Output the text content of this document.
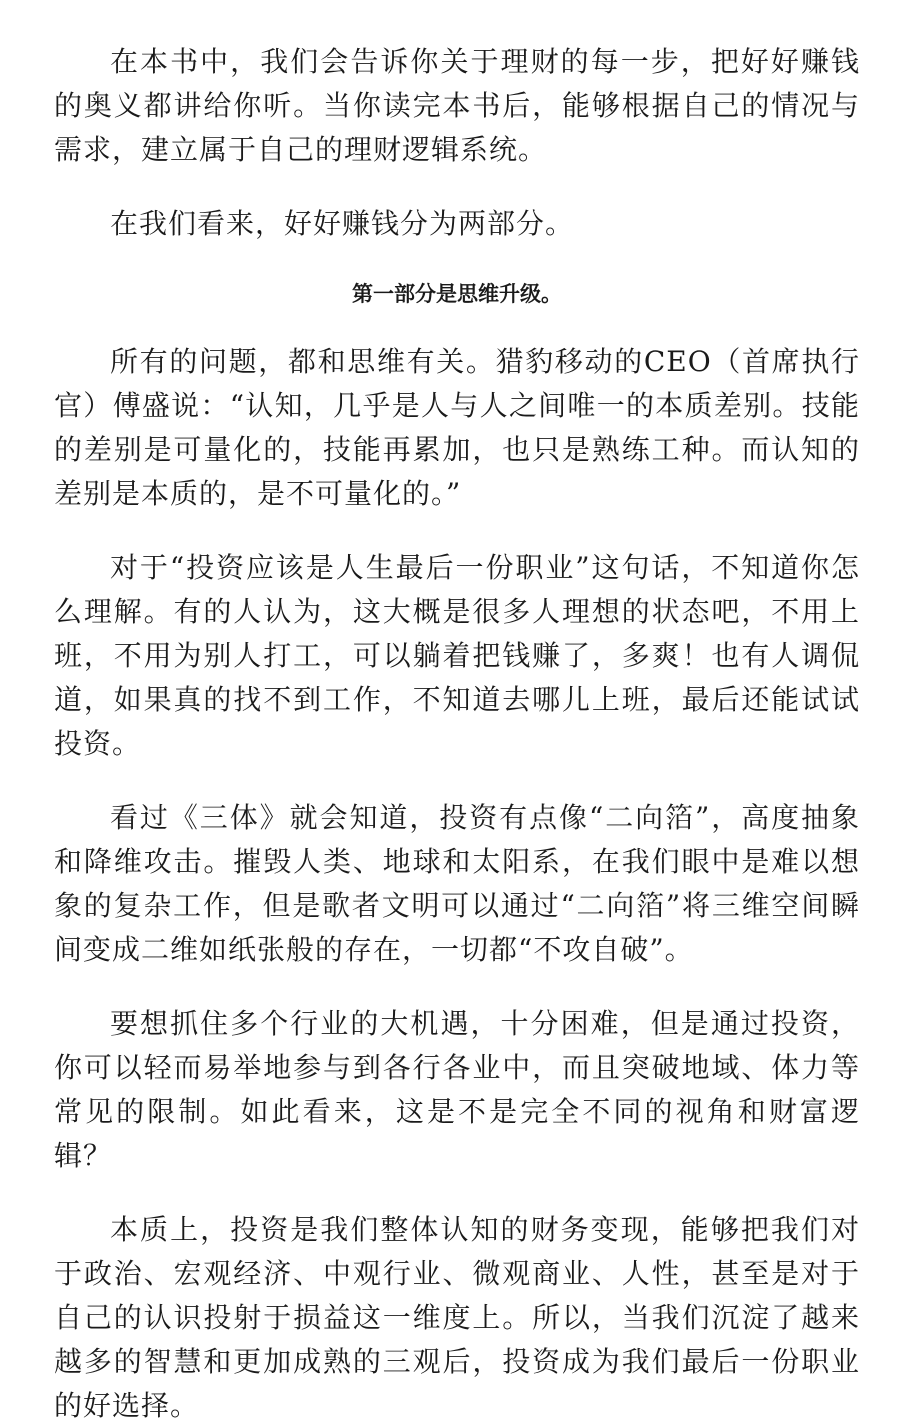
在本书中，我们会告诉你关于理财的每一步，把好好赚钱的奥义都讲给你听。当你读完本书后，能够根据自己的情况与需求，建立属于自己的理财逻辑系统。

在我们看来，好好赚钱分为两部分。

第一部分是思维升级。

所有的问题，都和思维有关。猎豹移动的CEO（首席执行官）傅盛说：“认知，几乎是人与人之间唯一的本质差别。技能的差别是可量化的，技能再累加，也只是熟练工种。而认知的差别是本质的，是不可量化的。”

对于“投资应该是人生最后一份职业”这句话，不知道你怎么理解。有的人认为，这大概是很多人理想的状态吧，不用上班，不用为别人打工，可以躺着把钱赚了，多爽！也有人调侃道，如果真的找不到工作，不知道去哪儿上班，最后还能试试投资。

看过《三体》就会知道，投资有点像“二向箔”，高度抽象和降维攻击。摧毁人类、地球和太阳系，在我们眼中是难以想象的复杂工作，但是歌者文明可以通过“二向箔”将三维空间瞬间变成二维如纸张般的存在，一切都“不攻自破”。

要想抓住多个行业的大机遇，十分困难，但是通过投资，你可以轻而易举地参与到各行各业中，而且突破地域、体力等常见的限制。如此看来，这是不是完全不同的视角和财富逻辑？

本质上，投资是我们整体认知的财务变现，能够把我们对于政治、宏观经济、中观行业、微观商业、人性，甚至是对于自己的认识投射于损益这一维度上。所以，当我们沉淀了越来越多的智慧和更加成熟的三观后，投资成为我们最后一份职业的好选择。
